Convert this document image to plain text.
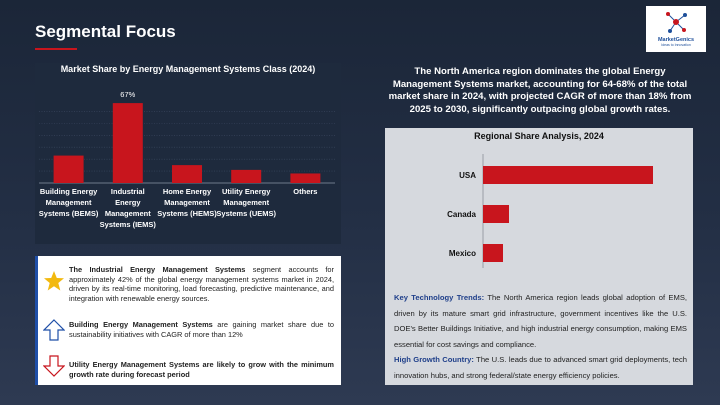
Segmental Focus	MarketGenics
Ideas to Innovation
Market Share by Energy Management Systems Class (2024)
Building Energy
Management
Systems (BEMS)
67%
Industrial
Energy
Management
Systems (IEMS)
Home Energy
Management
Systems (HEMS)
Utility Energy
Management
Systems (UEMS)
Others
The North America region dominates the global Energy Management Systems market, accounting for 64-68% of the total market share in 2024, with projected CAGR of more than 18% from 2025 to 2030, significantly outpacing global growth rates.
Regional Share Analysis, 2024
USA
Canada
Mexico
Key Technology Trends: The North America region leads global adoption of EMS, driven by its mature smart grid infrastructure, government incentives like the U.S. DOE's Better Buildings Initiative, and high industrial energy consumption, making EMS essential for cost savings and compliance.
High Growth Country: The U.S. leads due to advanced smart grid deployments, tech innovation hubs, and strong federal/state energy efficiency policies.
The Industrial Energy Management Systems segment accounts for approximately 42% of the global energy management systems market in 2024, driven by its real-time monitoring, load forecasting, predictive maintenance, and integration with renewable energy sources.
Building Energy Management Systems are gaining market share due to sustainability initiatives with CAGR of more than 12%
Utility Energy Management Systems are likely to grow with the minimum growth rate during forecast period
